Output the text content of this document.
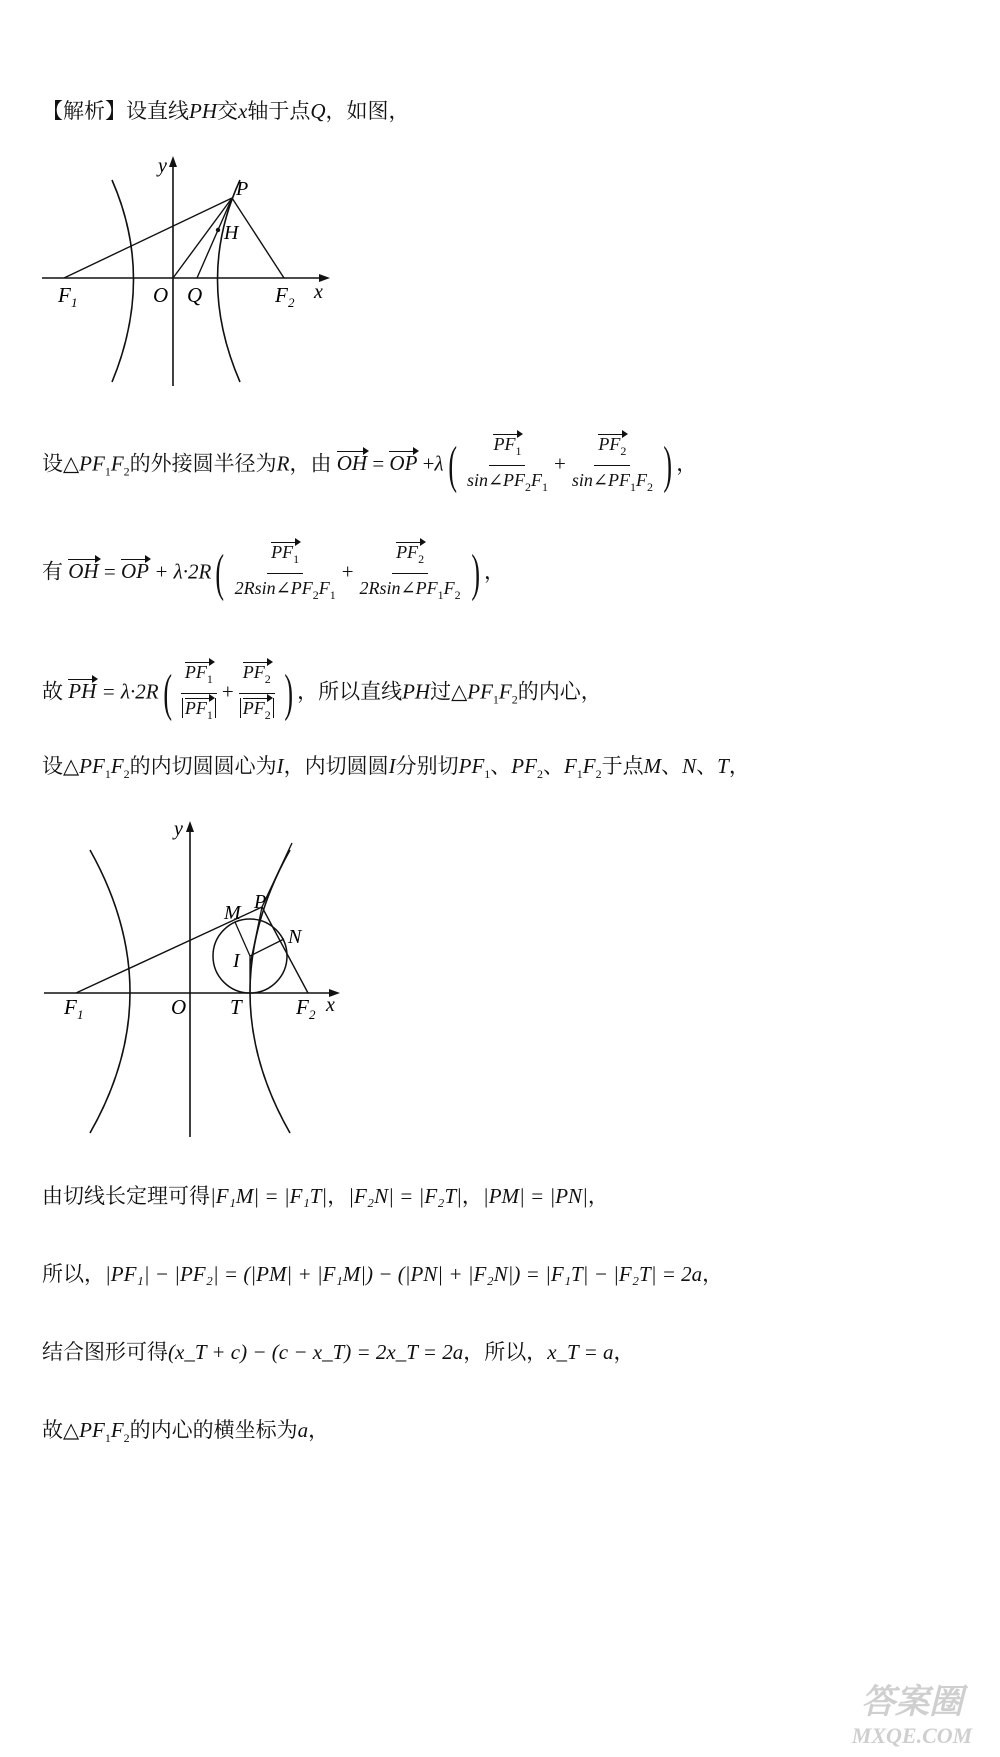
【解析】设直线PH交x轴于点Q，如图，
y
x
P
H
F 1	O Q	F 2
设$\triangle PF_1F_2$的外接圆半径为R，由 OH = OP $+\lambda( \frac{PF_1}{\sin\angle PF_2F_1} + \frac{PF_2}{\sin\angle PF_1F_2}$ ) ，
有 OH = OP + $\lambda\cdot 2R( \frac{PF_1}{2Rsin\angle PF_2F_1} + \frac{PF_2}{2Rsin\angle PF_1F_2}$ ) ，
故 PH = $\lambda\cdot 2R( \frac{PF_1}{PF_1} + \frac{PF_2}{PF_2}$ ) ，所以直线PH过$\triangle PF_1F_2$的内心，
设$\triangle PF_1F_2$的内切圆圆心为I，内切圆圆I分别切$PF_1$、$PF_2$、$F_1F_2$于点M、N、T，
y
x
M P
N
I
F 1	O T	F 2
由切线长定理可得|F₁M| = |F₁T|，|F₂N| = |F₂T|，|PM| = |PN|，
所以，|PF₁| − |PF₂| = (|PM| + |F₁M|) − (|PN| + |F₂N|) = |F₁T| − |F₂T| = 2a，
结合图形可得(x_T + c) − (c − x_T) = 2x_T = 2a，所以，x_T = a，
故$\triangle PF_1F_2$的内心的横坐标为a，
答案圈
MXQE.COM
